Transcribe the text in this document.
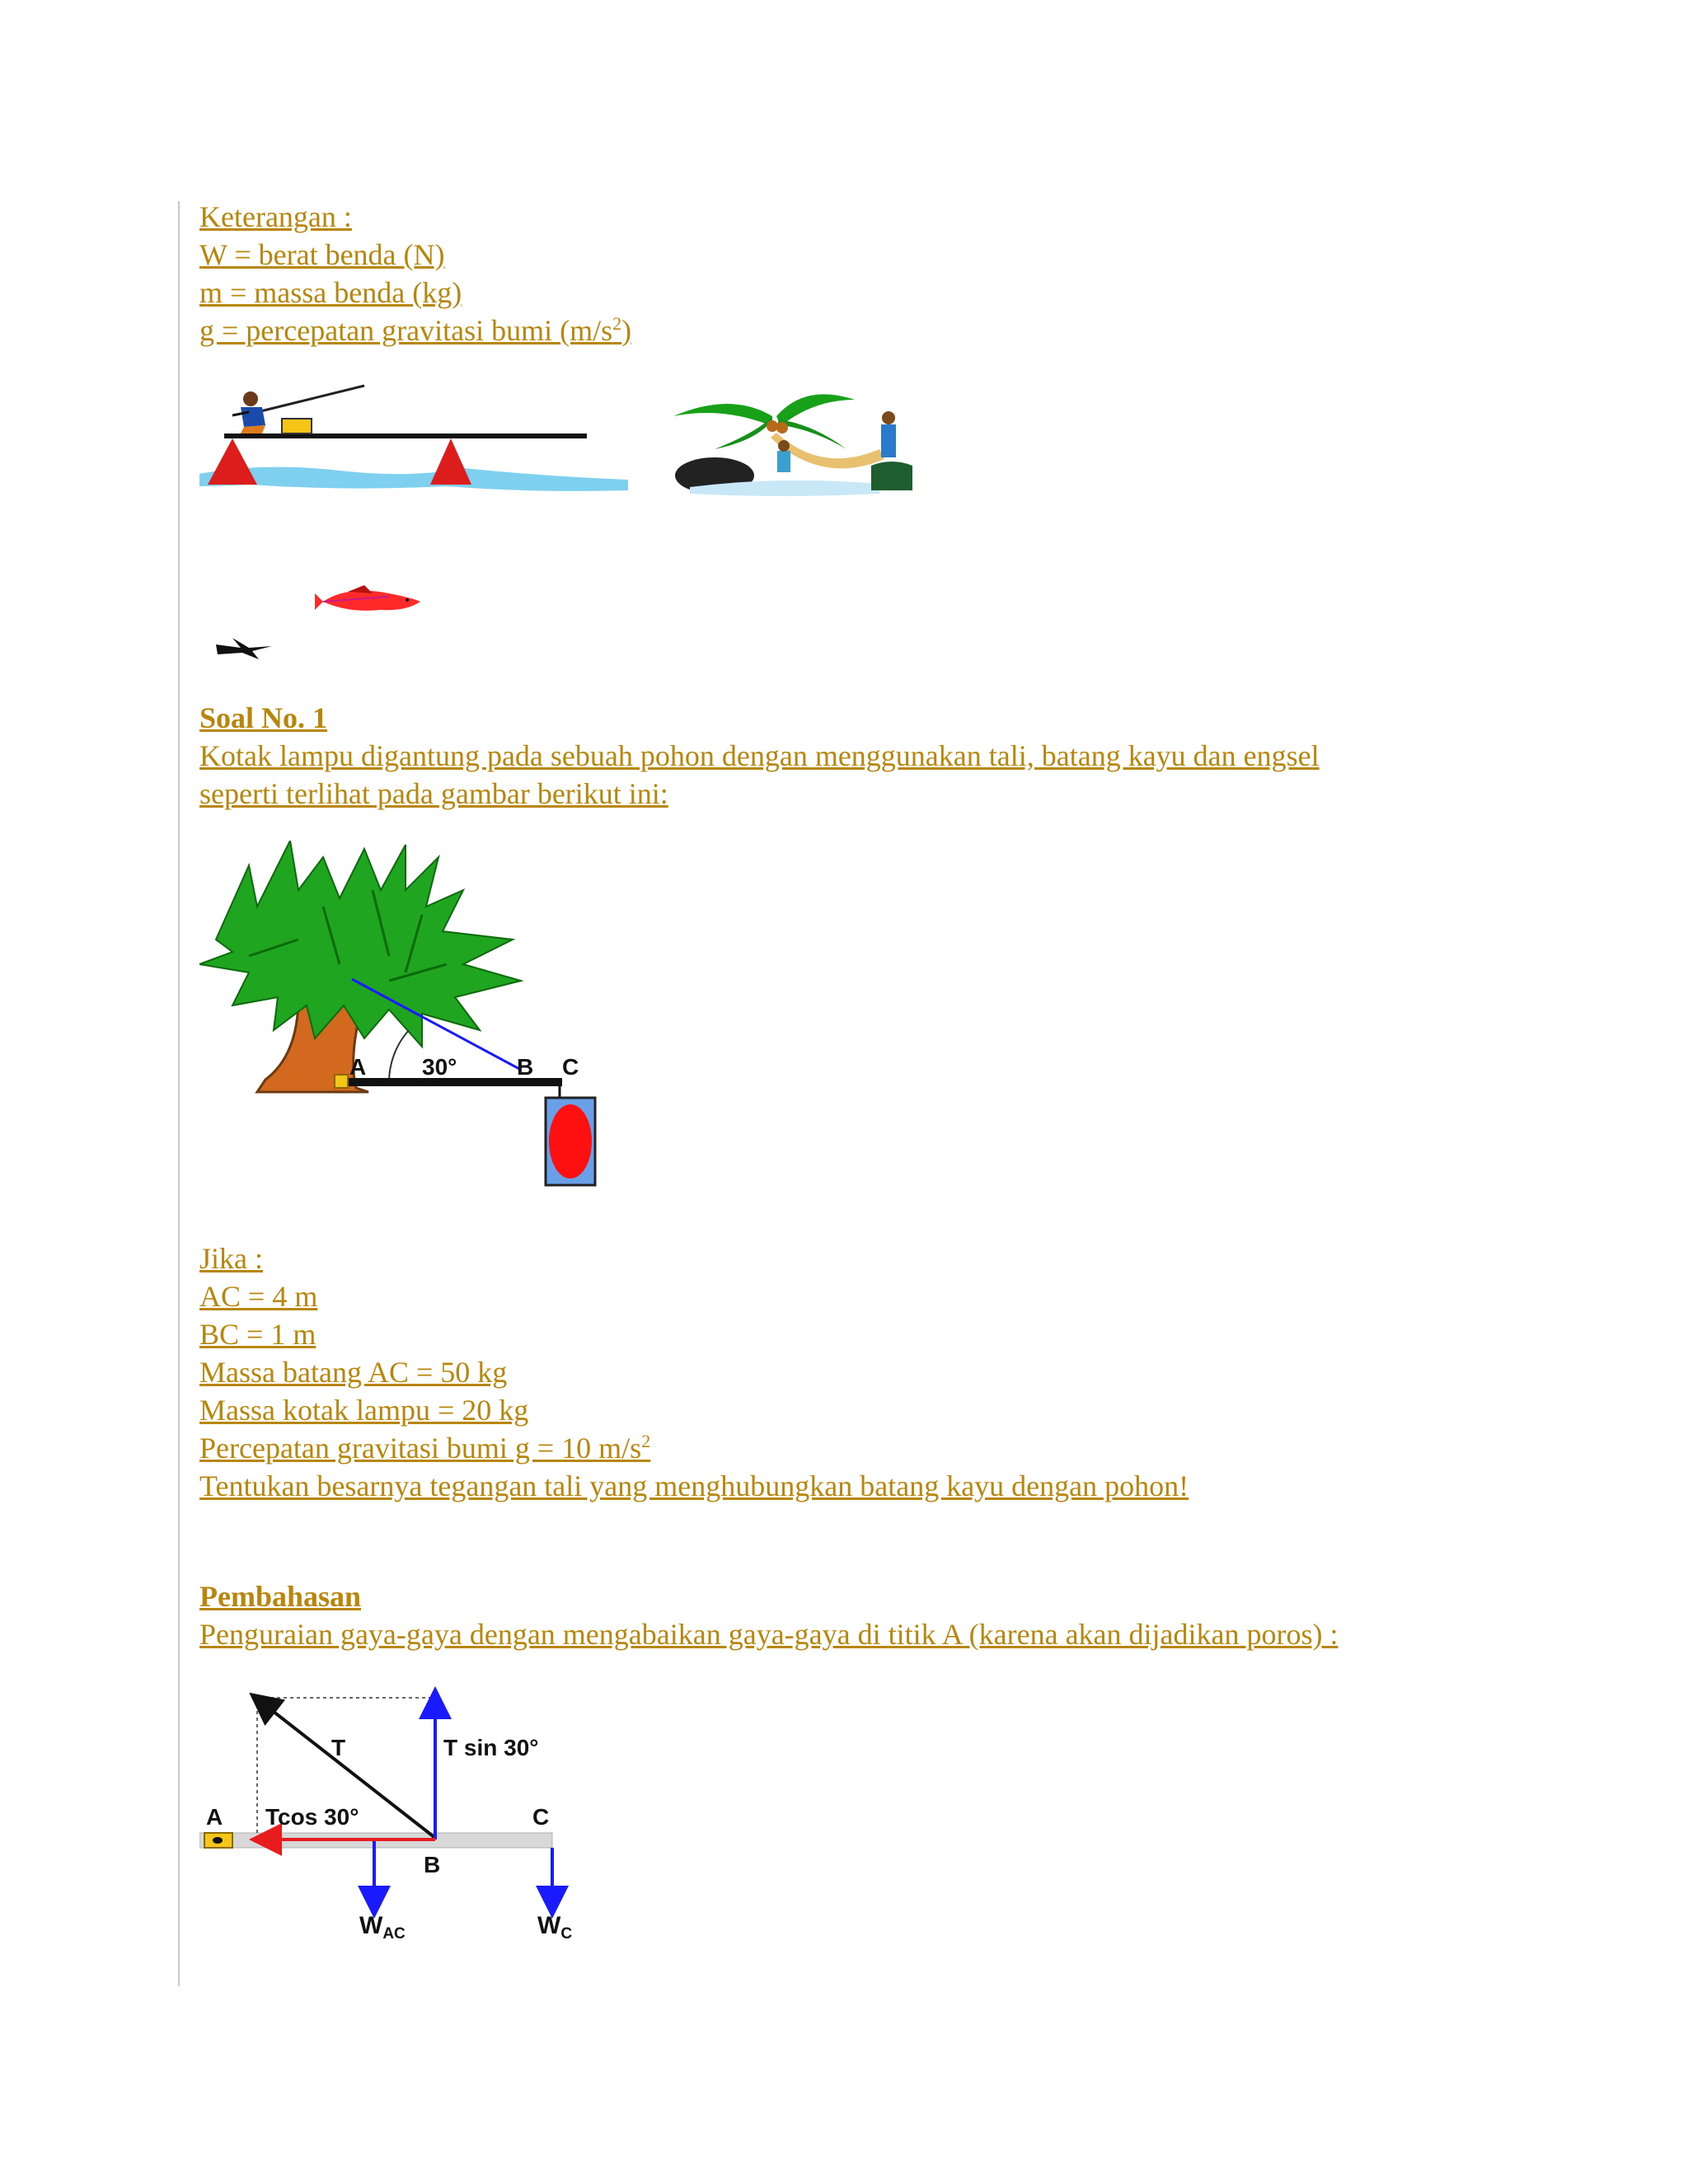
Keterangan :
W = berat benda (N)
m = massa benda (kg)
g = percepatan gravitasi bumi $(m/s^2)$
Soal No. 1
Kotak lampu digantung pada sebuah pohon dengan menggunakan tali, batang kayu dan engsel
seperti terlihat pada gambar berikut ini:
A 30°	B C
Jika :
AC = 4 m
BC = 1 m
Massa batang AC = 50 kg
Massa kotak lampu = 20 kg
Percepatan gravitasi bumi g = 10 $m/s^2$
Tentukan besarnya tegangan tali yang menghubungkan batang kayu dengan pohon!
Pembahasan
Penguraian gaya-gaya dengan mengabaikan gaya-gaya di titik A (karena akan dijadikan poros) :
T	T sin 30°
A Tcos 30°	C
B
$W_{AC}$	$W_C$
